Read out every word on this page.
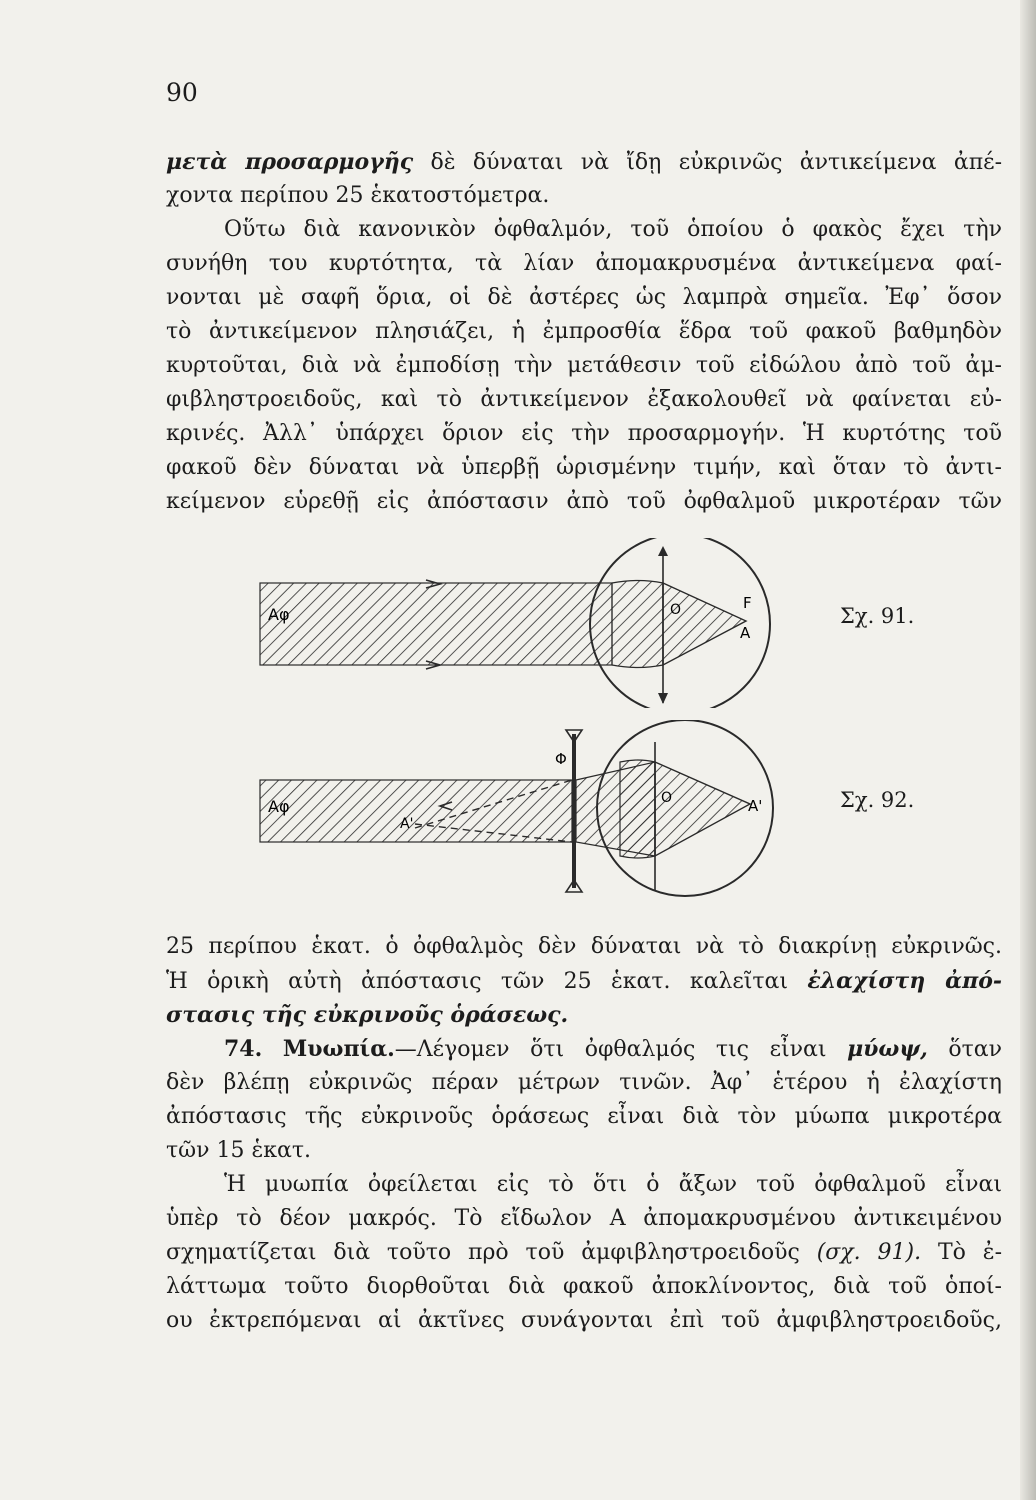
90
μετὰ προσαρμογῆς δὲ δύναται νὰ ἴδῃ εὐκρινῶς ἀντικείμενα ἀπέ-
χοντα περίπου 25 ἑκατοστόμετρα.
Οὕτω διὰ κανονικὸν ὀφθαλμόν, τοῦ ὁποίου ὁ φακὸς ἔχει τὴν
συνήθη του κυρτότητα, τὰ λίαν ἀπομακρυσμένα ἀντικείμενα φαί-
νονται μὲ σαφῆ ὅρια, οἱ δὲ ἀστέρες ὡς λαμπρὰ σημεῖα. Ἐφ᾽ ὅσον
τὸ ἀντικείμενον πλησιάζει, ἡ ἐμπροσθία ἕδρα τοῦ φακοῦ βαθμηδὸν
κυρτοῦται, διὰ νὰ ἐμποδίσῃ τὴν μετάθεσιν τοῦ εἰδώλου ἀπὸ τοῦ ἀμ-
φιβληστροειδοῦς, καὶ τὸ ἀντικείμενον ἐξακολουθεῖ νὰ φαίνεται εὐ-
κρινές. Ἀλλ᾽ ὑπάρχει ὅριον εἰς τὴν προσαρμογήν. Ἡ κυρτότης τοῦ
φακοῦ δὲν δύναται νὰ ὑπερβῇ ὡρισμένην τιμήν, καὶ ὅταν τὸ ἀντι-
κείμενον εὑρεθῇ εἰς ἀπόστασιν ἀπὸ τοῦ ὀφθαλμοῦ μικροτέραν τῶν
Αφ	Ο	F
Α
Σχ. 91.
Αφ
Α'
Φ
Ο	Α'	Σχ. 92.
25 περίπου ἑκατ. ὁ ὀφθαλμὸς δὲν δύναται νὰ τὸ διακρίνῃ εὐκρινῶς.
Ἡ ὁρικὴ αὐτὴ ἀπόστασις τῶν 25 ἑκατ. καλεῖται ἐλαχίστη ἀπό-
στασις τῆς εὐκρινοῦς ὁράσεως.
74. Μυωπία.—Λέγομεν ὅτι ὀφθαλμός τις εἶναι μύωψ, ὅταν
δὲν βλέπῃ εὐκρινῶς πέραν μέτρων τινῶν. Ἀφ᾽ ἑτέρου ἡ ἐλαχίστη
ἀπόστασις τῆς εὐκρινοῦς ὁράσεως εἶναι διὰ τὸν μύωπα μικροτέρα
τῶν 15 ἑκατ.
Ἡ μυωπία ὀφείλεται εἰς τὸ ὅτι ὁ ἄξων τοῦ ὀφθαλμοῦ εἶναι
ὑπὲρ τὸ δέον μακρός. Τὸ εἴδωλον Α ἀπομακρυσμένου ἀντικειμένου
σχηματίζεται διὰ τοῦτο πρὸ τοῦ ἀμφιβληστροειδοῦς (σχ. 91). Τὸ ἐ-
λάττωμα τοῦτο διορθοῦται διὰ φακοῦ ἀποκλίνοντος, διὰ τοῦ ὁποί-
ου ἐκτρεπόμεναι αἱ ἀκτῖνες συνάγονται ἐπὶ τοῦ ἀμφιβληστροειδοῦς,
